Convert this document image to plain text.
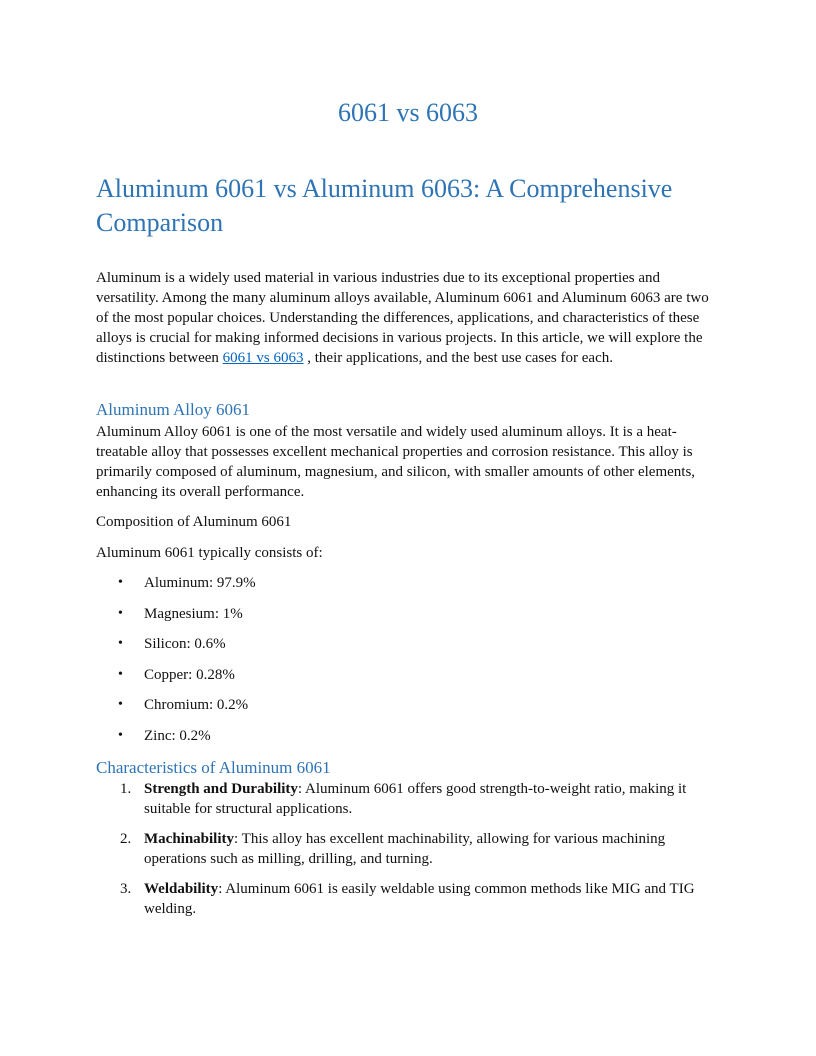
6061 vs 6063
Aluminum 6061 vs Aluminum 6063: A Comprehensive Comparison

Aluminum is a widely used material in various industries due to its exceptional properties and versatility. Among the many aluminum alloys available, Aluminum 6061 and Aluminum 6063 are two of the most popular choices. Understanding the differences, applications, and characteristics of these alloys is crucial for making informed decisions in various projects. In this article, we will explore the distinctions between 6061 vs 6063 , their applications, and the best use cases for each.

Aluminum Alloy 6061

Aluminum Alloy 6061 is one of the most versatile and widely used aluminum alloys. It is a heat-treatable alloy that possesses excellent mechanical properties and corrosion resistance. This alloy is primarily composed of aluminum, magnesium, and silicon, with smaller amounts of other elements, enhancing its overall performance.

Composition of Aluminum 6061

Aluminum 6061 typically consists of:

• Aluminum: 97.9%
• Magnesium: 1%
• Silicon: 0.6%
• Copper: 0.28%
• Chromium: 0.2%
• Zinc: 0.2%
Characteristics of Aluminum 6061
1. Strength and Durability: Aluminum 6061 offers good strength-to-weight ratio, making it suitable for structural applications.
2. Machinability: This alloy has excellent machinability, allowing for various machining operations such as milling, drilling, and turning.
3. Weldability: Aluminum 6061 is easily weldable using common methods like MIG and TIG welding.
